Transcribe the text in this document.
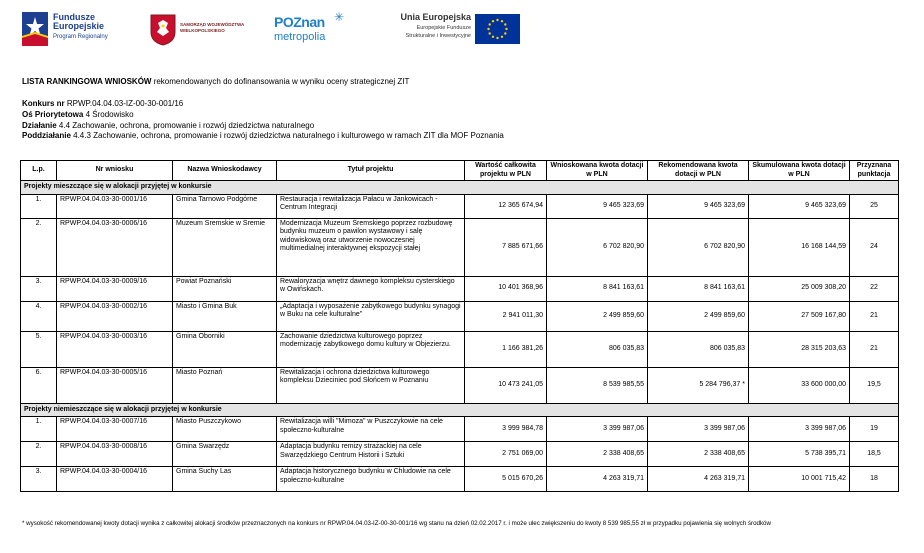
Fundusze
Europejskie
Program Regionalny
SAMORZĄD WOJEWÓDZTWA
WIELKOPOLSKIEGO
POZnan ✳
metropolia
Unia Europejska
Europejskie Fundusze
Strukturalne i Inwestycyjne
LISTA RANKINGOWA WNIOSKÓW rekomendowanych do dofinansowania w wyniku oceny strategicznej ZIT
Konkurs nr RPWP.04.04.03-IZ-00-30-001/16
Oś Priorytetowa 4 Środowisko
Działanie 4.4 Zachowanie, ochrona, promowanie i rozwój dziedzictwa naturalnego
Poddziałanie 4.4.3 Zachowanie, ochrona, promowanie i rozwój dziedzictwa naturalnego i kulturowego w ramach ZIT dla MOF Poznania
L.p.	Nr wniosku	Nazwa Wnioskodawcy	Tytuł projektu	Wartość całkowita projektu w PLN	Wnioskowana kwota dotacji w PLN	Rekomendowana kwota dotacji w PLN	Skumulowana kwota dotacji w PLN	Przyznana punktacja
Projekty mieszczące się w alokacji przyjętej w konkursie								
1.	RPWP.04.04.03-30-0001/16	Gmina Tarnowo Podgórne	Restauracja i rewitalizacja Pałacu w Jankowicach - Centrum Integracji	12 365 674,94	9 465 323,69	9 465 323,69	9 465 323,69	25
2.	RPWP.04.04.03-30-0006/16	Muzeum Sremskie w Śremie	Modernizacja Muzeum Śremskiego poprzez rozbudowę budynku muzeum o pawilon wystawowy i salę widowiskową oraz utworzenie nowoczesnej multimedialnej interaktywnej ekspozycji stałej	7 885 671,66	6 702 820,90	6 702 820,90	16 168 144,59	24
3.	RPWP.04.04.03-30-0009/16	Powiat Poznański	Rewaloryzacja wnętrz dawnego kompleksu cysterskiego w Owińskach.	10 401 368,96	8 841 163,61	8 841 163,61	25 009 308,20	22
4.	RPWP.04.04.03-30-0002/16	Miasto i Gmina Buk	„Adaptacja i wyposażenie zabytkowego budynku synagogi w Buku na cele kulturalne”	2 941 011,30	2 499 859,60	2 499 859,60	27 509 167,80	21
5.	RPWP.04.04.03-30-0003/16	Gmina Oborniki	Zachowanie dziedzictwa kulturowego poprzez modernizację zabytkowego domu kultury w Objezierzu.	1 166 381,26	806 035,83	806 035,83	28 315 203,63	21
6.	RPWP.04.04.03-30-0005/16	Miasto Poznań	Rewitalizacja i ochrona dziedzictwa kulturowego kompleksu Dzieciniec pod Słońcem w Poznaniu	10 473 241,05	8 539 985,55	5 284 796,37 *	33 600 000,00	19,5
Projekty niemieszczące się w alokacji przyjętej w konkursie								
1.	RPWP.04.04.03-30-0007/16	Miasto Puszczykowo	Rewitalizacja willi "Mimoza" w Puszczykowie na cele społeczno-kulturalne	3 999 984,78	3 399 987,06	3 399 987,06	3 399 987,06	19
2.	RPWP.04.04.03-30-0008/16	Gmina Swarzędz	Adaptacja budynku remizy strażackiej na cele Swarzędzkiego Centrum Historii i Sztuki	2 751 069,00	2 338 408,65	2 338 408,65	5 738 395,71	18,5
3.	RPWP.04.04.03-30-0004/16	Gmina Suchy Las	Adaptacja historycznego budynku w Chludowie na cele społeczno-kulturalne	5 015 670,26	4 263 319,71	4 263 319,71	10 001 715,42	18
* wysokość rekomendowanej kwoty dotacji wynika z całkowitej alokacji środków przeznaczonych na konkurs nr RPWP.04.04.03-IZ-00-30-001/16 wg stanu na dzień 02.02.2017 r. i może ulec zwiększeniu do kwoty 8 539 985,55 zł w przypadku pojawienia się wolnych środków
